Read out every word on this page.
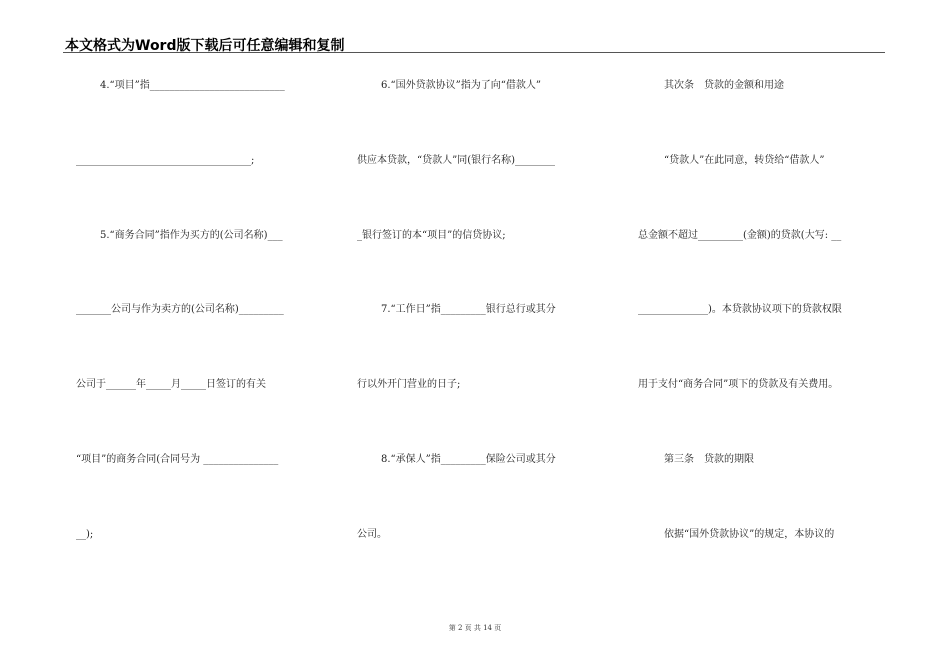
本文格式为Word版下载后可任意编辑和复制
4.“项目”指___________________________
___________________________________;
5.“商务合同”指作为买方的(公司名称)___
_______公司与作为卖方的(公司名称)_________
公司于______年_____月_____日签订的有关
“项目”的商务合同(合同号为 _______________
__);
6.“国外贷款协议”指为了向“借款人”
供应本贷款，“贷款人”同(银行名称)________
_银行签订的本“项目”的信贷协议;
7.“工作日”指_________银行总行或其分
行以外开门营业的日子;
8.“承保人”指_________保险公司或其分
公司。
其次条　贷款的金额和用途
“贷款人”在此同意，转贷给“借款人”
总金额不超过_________(金额)的贷款(大写: __
______________)。本贷款协议项下的贷款权限
用于支付“商务合同”项下的贷款及有关费用。
第三条　贷款的期限
依据“国外贷款协议”的规定，本协议的
第 2 页 共 14 页
